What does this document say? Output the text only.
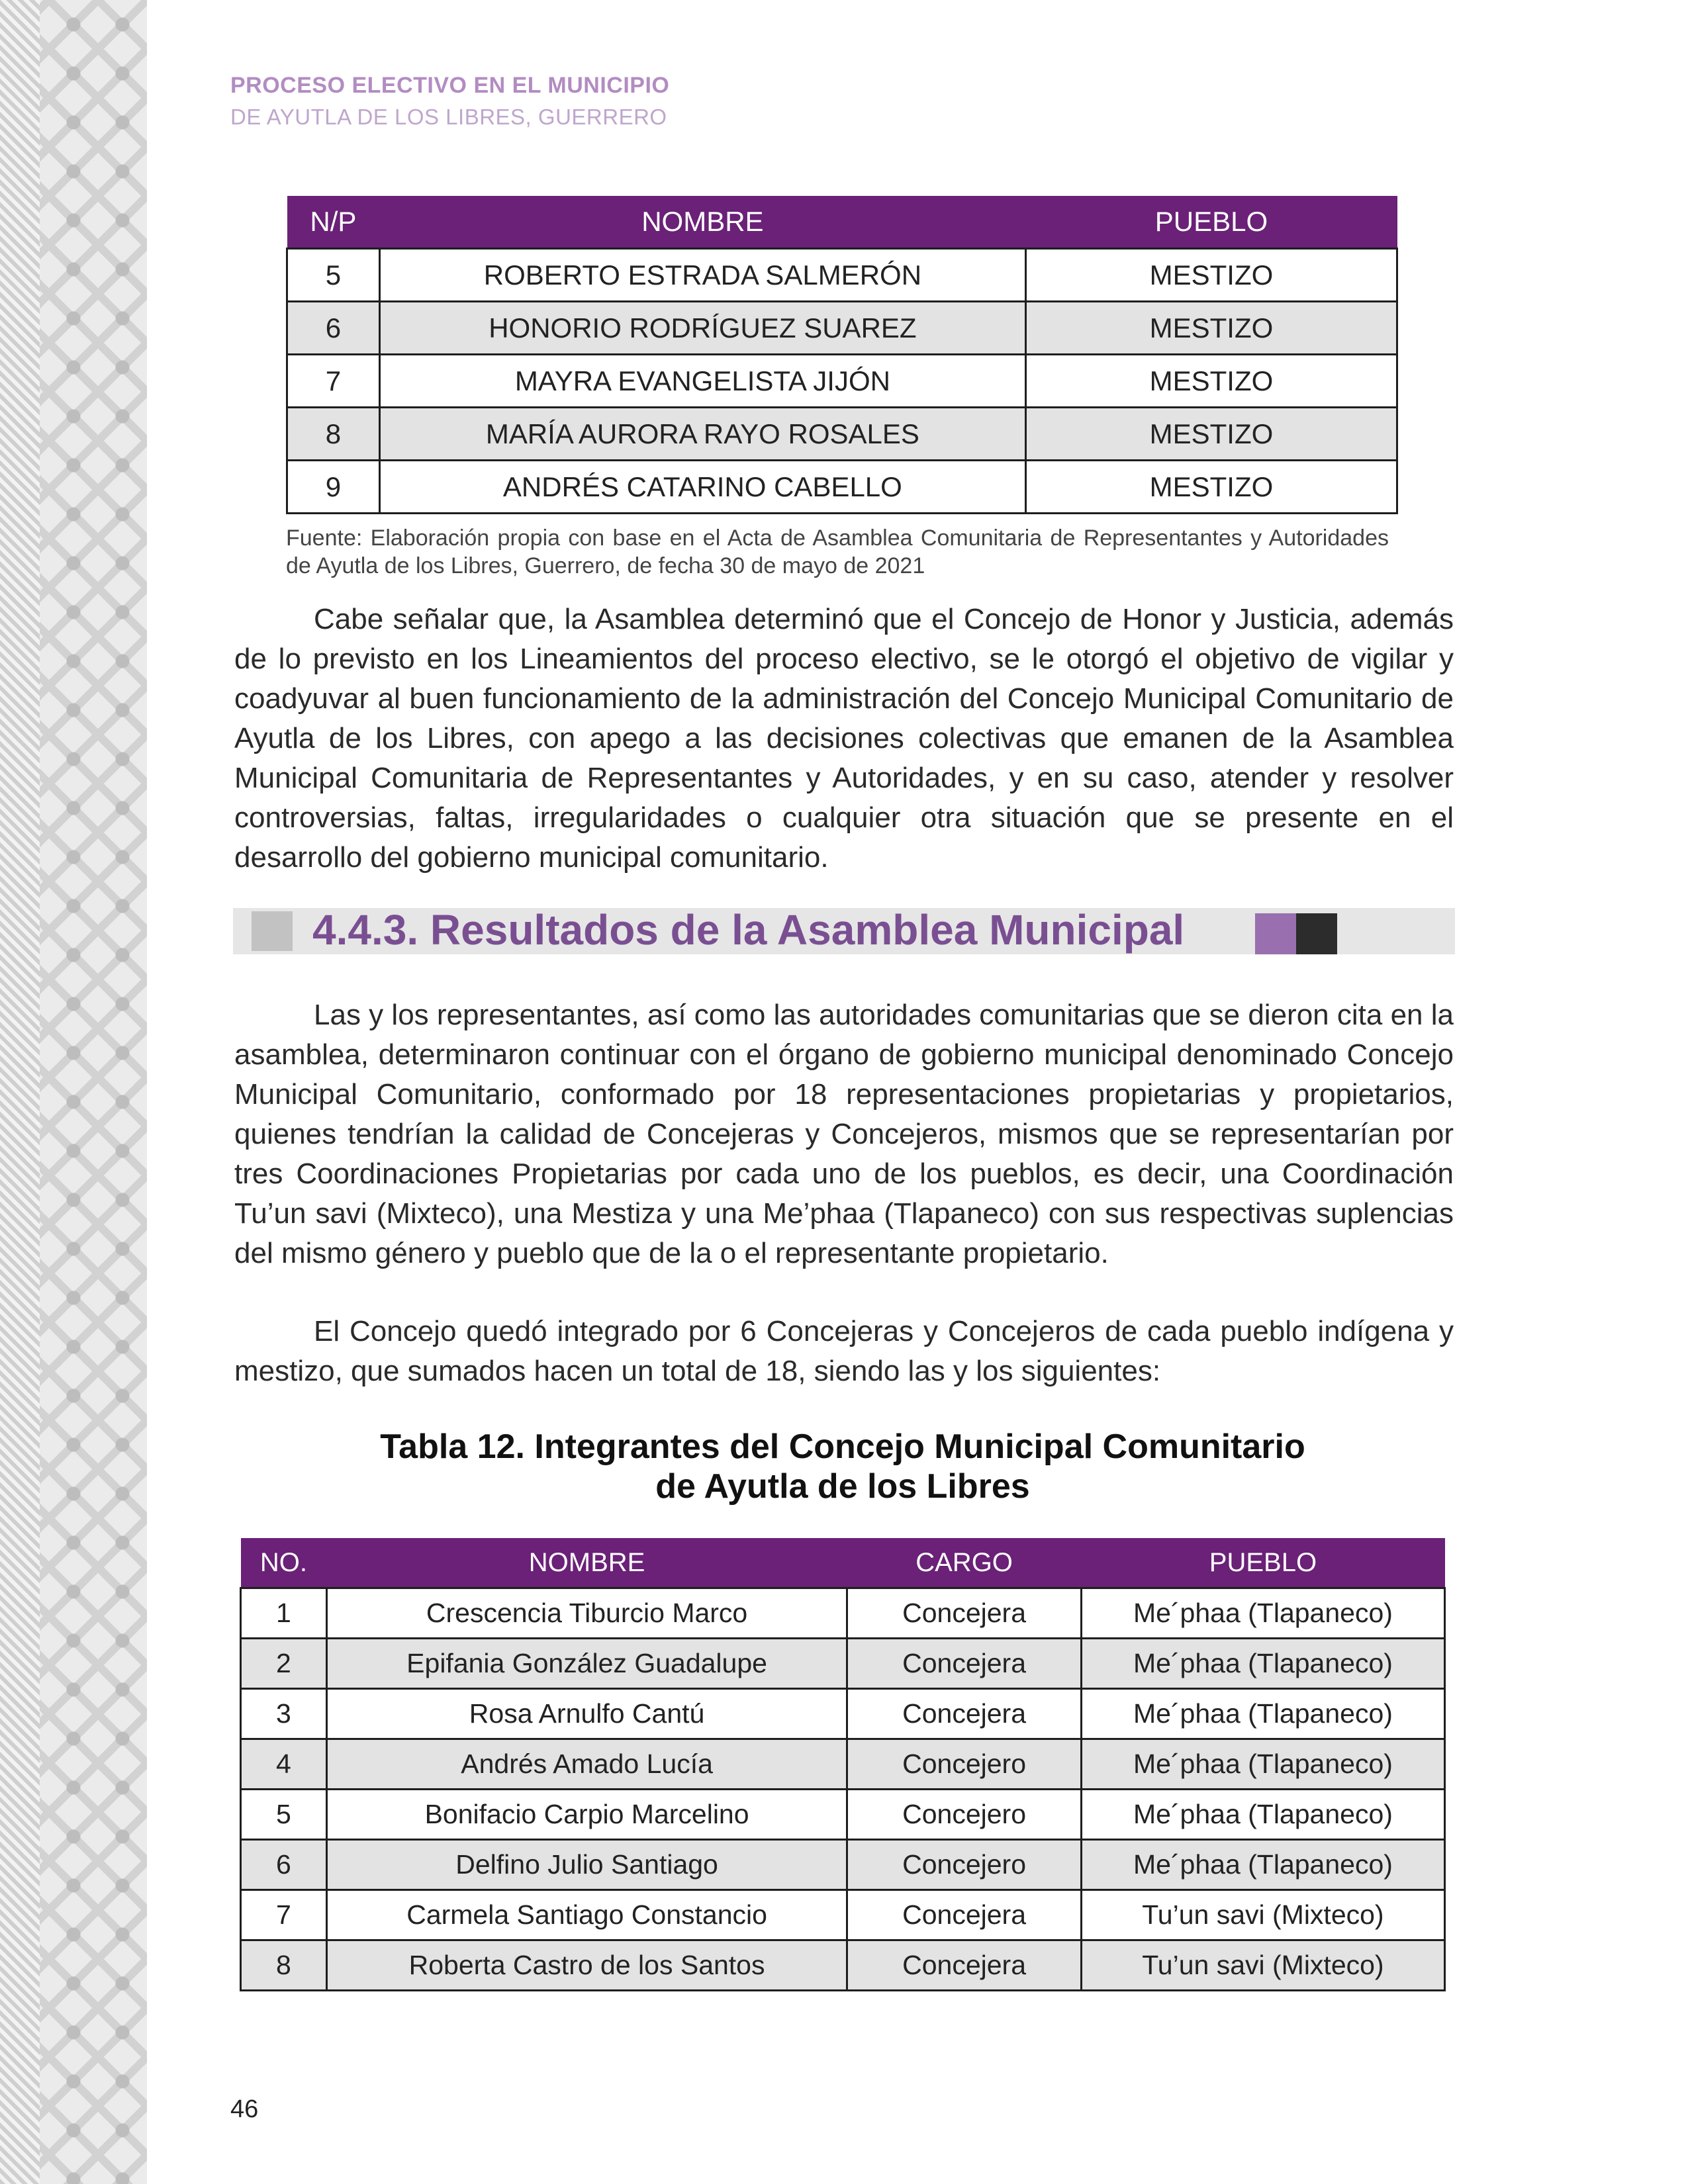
PROCESO ELECTIVO EN EL MUNICIPIO
DE AYUTLA DE LOS LIBRES, GUERRERO
N/P	NOMBRE	PUEBLO
5	ROBERTO ESTRADA SALMERÓN	MESTIZO
6	HONORIO RODRÍGUEZ SUAREZ	MESTIZO
7	MAYRA EVANGELISTA JIJÓN	MESTIZO
8	MARÍA AURORA RAYO ROSALES	MESTIZO
9	ANDRÉS CATARINO CABELLO	MESTIZO
Fuente: Elaboración propia con base en el Acta de Asamblea Comunitaria de Representantes y Autoridades de Ayutla de los Libres, Guerrero, de fecha 30 de mayo de 2021

Cabe señalar que, la Asamblea determinó que el Concejo de Honor y Justicia, además de lo previsto en los Lineamientos del proceso electivo, se le otorgó el objetivo de vigilar y coadyuvar al buen funcionamiento de la administración del Concejo Municipal Comunitario de Ayutla de los Libres, con apego a las decisiones colectivas que emanen de la Asamblea Municipal Comunitaria de Representantes y Autoridades, y en su caso, atender y resolver controversias, faltas, irregularidades o cualquier otra situación que se presente en el desarrollo del gobierno municipal comunitario.

4.4.3. Resultados de la Asamblea Municipal

Las y los representantes, así como las autoridades comunitarias que se dieron cita en la asamblea, determinaron continuar con el órgano de gobierno municipal denominado Concejo Municipal Comunitario, conformado por 18 representaciones propietarias y propietarios, quienes tendrían la calidad de Concejeras y Concejeros, mismos que se representarían por tres Coordinaciones Propietarias por cada uno de los pueblos, es decir, una Coordinación Tu’un savi (Mixteco), una Mestiza y una Me’phaa (Tlapaneco) con sus respectivas suplencias del mismo género y pueblo que de la o el representante propietario.

El Concejo quedó integrado por 6 Concejeras y Concejeros de cada pueblo indígena y mestizo, que sumados hacen un total de 18, siendo las y los siguientes:

Tabla 12. Integrantes del Concejo Municipal Comunitario
de Ayutla de los Libres
NO.	NOMBRE	CARGO	PUEBLO
1	Crescencia Tiburcio Marco	Concejera	Me´phaa (Tlapaneco)
2	Epifania González Guadalupe	Concejera	Me´phaa (Tlapaneco)
3	Rosa Arnulfo Cantú	Concejera	Me´phaa (Tlapaneco)
4	Andrés Amado Lucía	Concejero	Me´phaa (Tlapaneco)
5	Bonifacio Carpio Marcelino	Concejero	Me´phaa (Tlapaneco)
6	Delfino Julio Santiago	Concejero	Me´phaa (Tlapaneco)
7	Carmela Santiago Constancio	Concejera	Tu’un savi (Mixteco)
8	Roberta Castro de los Santos	Concejera	Tu’un savi (Mixteco)
46
